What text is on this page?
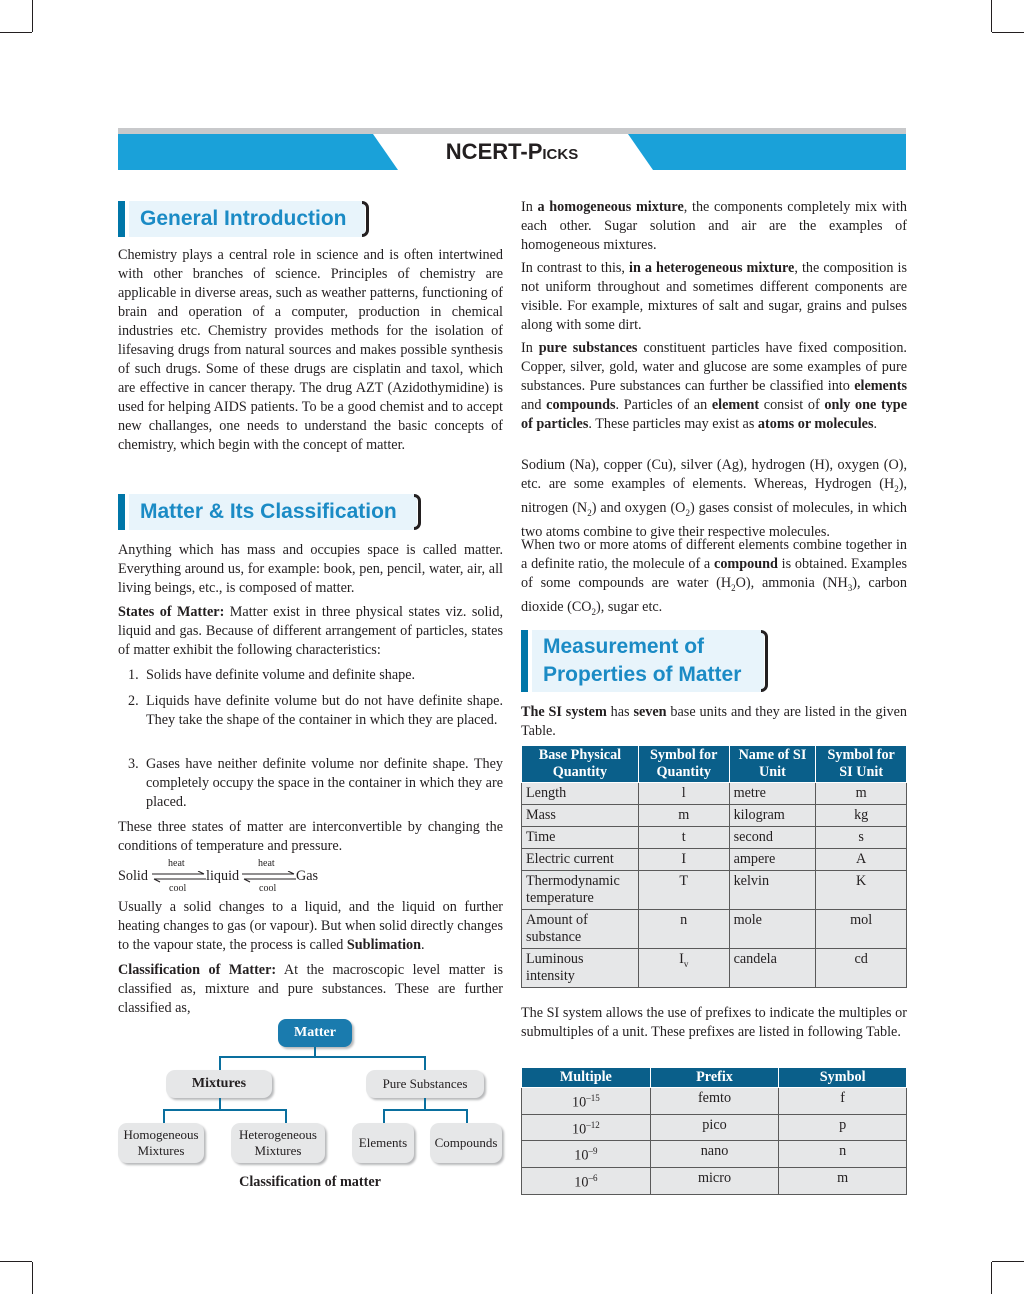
NCERT-Picks
General Introduction

Chemistry plays a central role in science and is often intertwined with other branches of science. Principles of chemistry are applicable in diverse areas, such as weather patterns, functioning of brain and operation of a computer, production in chemical industries etc. Chemistry provides methods for the isolation of lifesaving drugs from natural sources and makes possible synthesis of such drugs. Some of these drugs are cisplatin and taxol, which are effective in cancer therapy. The drug AZT (Azidothymidine) is used for helping AIDS patients. To be a good chemist and to accept new challanges, one needs to understand the basic concepts of chemistry, which begin with the concept of matter.

Matter & Its Classification

Anything which has mass and occupies space is called matter. Everything around us, for example: book, pen, pencil, water, air, all living beings, etc., is composed of matter.

States of Matter: Matter exist in three physical states viz. solid, liquid and gas. Because of different arrangement of particles, states of matter exhibit the following characteristics:

1. Solids have definite volume and definite shape.
2. Liquids have definite volume but do not have definite shape. They take the shape of the container in which they are placed.
3. Gases have neither definite volume nor definite shape. They completely occupy the space in the container in which they are placed.

These three states of matter are interconvertible by changing the conditions of temperature and pressure.

Solid
heat
cool
liquid
heat
cool
Gas

Usually a solid changes to a liquid, and the liquid on further heating changes to gas (or vapour). But when solid directly changes to the vapour state, the process is called Sublimation.

Classification of Matter: At the macroscopic level matter is classified as, mixture and pure substances. These are further classified as,

Matter
Mixtures	Pure Substances
Homogeneous
Mixtures
Heterogeneous
Mixtures
Elements Compounds
Classification of matter

In a homogeneous mixture, the components completely mix with each other. Sugar solution and air are the examples of homogeneous mixtures.

In contrast to this, in a heterogeneous mixture, the composition is not uniform throughout and sometimes different components are visible. For example, mixtures of salt and sugar, grains and pulses along with some dirt.

In pure substances constituent particles have fixed composition. Copper, silver, gold, water and glucose are some examples of pure substances. Pure substances can further be classified into elements and compounds. Particles of an element consist of only one type of particles. These particles may exist as atoms or molecules.

Sodium (Na), copper (Cu), silver (Ag), hydrogen (H), oxygen (O), etc. are some examples of elements. Whereas, Hydrogen $(H_2)$, nitrogen $(N_2)$ and oxygen $(O_2)$ gases consist of molecules, in which two atoms combine to give their respective molecules.

When two or more atoms of different elements combine together in a definite ratio, the molecule of a compound is obtained. Examples of some compounds are water $(H_2O)$, ammonia $(NH_3)$, carbon dioxide $(CO_2)$, sugar etc.

Measurement of
Properties of Matter

The SI system has seven base units and they are listed in the given Table.

Base Physical Quantity	Symbol for Quantity	Name of SI Unit	Symbol for SI Unit
Length	l	metre	m
Mass	m	kilogram	kg
Time	t	second	s
Electric current	I	ampere	A
Thermodynamic temperature	T	kelvin	K
Amount of substance	n	mole	mol
Luminous intensity	$I_v$	candela	cd

The SI system allows the use of prefixes to indicate the multiples or submultiples of a unit. These prefixes are listed in following Table.

Multiple	Prefix	Symbol
$10^{-15}$	femto	f
$10^{-12}$	pico	p
$10^{-9}$	nano	n
$10^{-6}$	micro	m
